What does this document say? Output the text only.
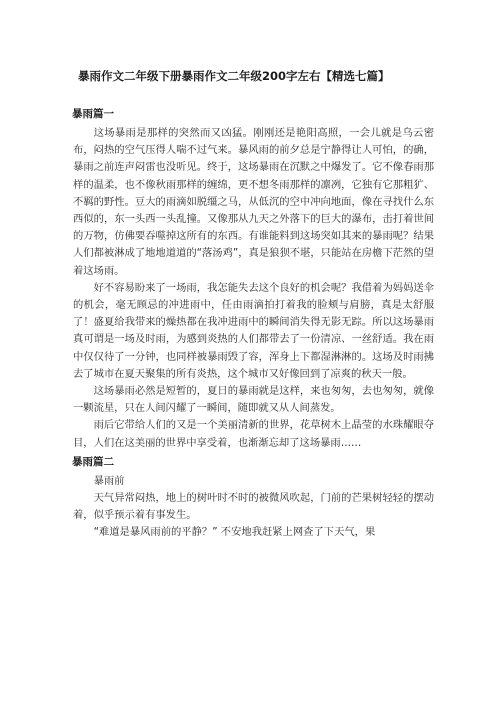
暴雨作文二年级下册暴雨作文二年级200字左右【精选七篇】
暴雨篇一

这场暴雨是那样的突然而又凶猛。刚刚还是艳阳高照，一会儿就是乌云密布，闷热的空气压得人喘不过气来。暴风雨的前夕总是宁静得让人可怕，的确，暴雨之前连声闷雷也没听见。终于，这场暴雨在沉默之中爆发了。它不像春雨那样的温柔，也不像秋雨那样的缠绵，更不想冬雨那样的凛冽，它独有它那粗犷、不羁的野性。豆大的雨滴如脱缰之马，从低沉的空中冲向地面，像在寻找什么东西似的，东一头西一头乱撞。又像那从九天之外落下的巨大的瀑布，击打着世间的万物，仿佛要吞噬掉这所有的东西。有谁能料到这场突如其来的暴雨呢？结果人们都被淋成了地地道道的“落汤鸡”，真是狼狈不堪，只能站在房檐下茫然的望着这场雨。

好不容易盼来了一场雨，我怎能失去这个良好的机会呢？我借着为妈妈送伞的机会，毫无顾忌的冲进雨中，任由雨滴拍打着我的脸颊与肩膀，真是太舒服了！盛夏给我带来的燥热都在我冲进雨中的瞬间消失得无影无踪。所以这场暴雨真可谓是一场及时雨，为感到炎热的人们都带去了一份清凉、一丝舒适。我在雨中仅仅待了一分钟，也同样被暴雨毁了容，浑身上下都湿淋淋的。这场及时雨拂去了城市在夏天聚集的所有炎热，这个城市又好像回到了凉爽的秋天一般。

这场暴雨必然是短暂的，夏日的暴雨就是这样，来也匆匆，去也匆匆，就像一颗流星，只在人间闪耀了一瞬间，随即就又从人间蒸发。

雨后它带给人们的又是一个美丽清新的世界，花草树木上晶莹的水珠耀眼夺目，人们在这美丽的世界中享受着，也渐渐忘却了这场暴雨……

暴雨篇二

暴雨前

天气异常闷热，地上的树叶时不时的被微风吹起，门前的芒果树轻轻的摆动着，似乎预示着有事发生。

“难道是暴风雨前的平静？” 不安地我赶紧上网查了下天气，果
